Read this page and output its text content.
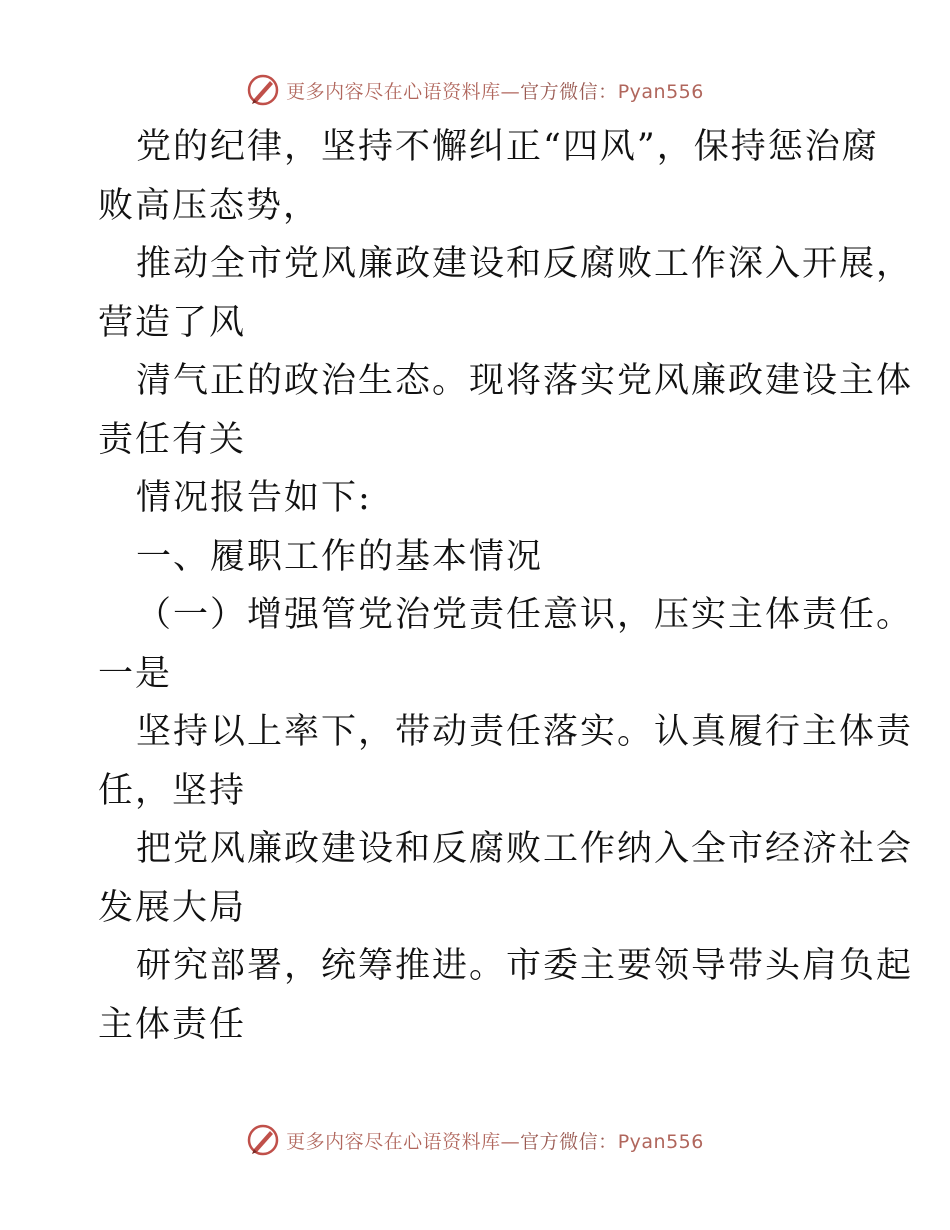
更多内容尽在心语资料库—官方微信：Pyan556
党的纪律，坚持不懈纠正“四风”，保持惩治腐
败高压态势，
推动全市党风廉政建设和反腐败工作深入开展，
营造了风
清气正的政治生态。现将落实党风廉政建设主体
责任有关
情况报告如下:
一、履职工作的基本情况
（一）增强管党治党责任意识，压实主体责任。
一是
坚持以上率下，带动责任落实。认真履行主体责
任，坚持
把党风廉政建设和反腐败工作纳入全市经济社会
发展大局
研究部署，统筹推进。市委主要领导带头肩负起
主体责任
更多内容尽在心语资料库—官方微信：Pyan556
